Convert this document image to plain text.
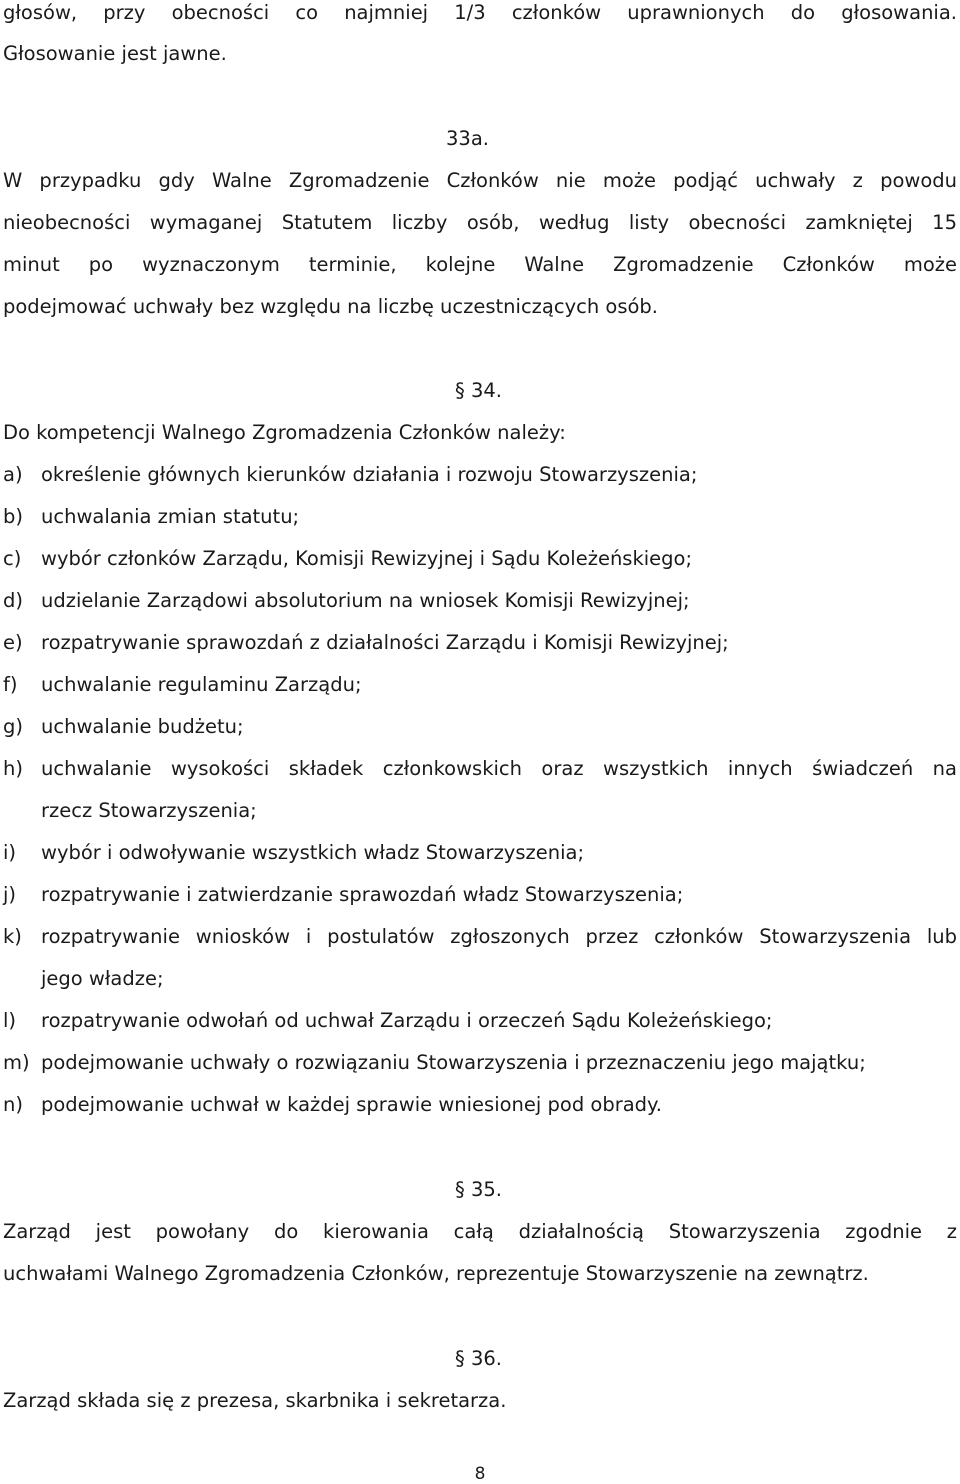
głosów, przy obecności co najmniej 1/3 członków uprawnionych do głosowania.
Głosowanie jest jawne.
33a.
W przypadku gdy Walne Zgromadzenie Członków nie może podjąć uchwały z powodu
nieobecności wymaganej Statutem liczby osób, według listy obecności zamkniętej 15
minut po wyznaczonym terminie, kolejne Walne Zgromadzenie Członków może
podejmować uchwały bez względu na liczbę uczestniczących osób.
§ 34.
Do kompetencji Walnego Zgromadzenia Członków należy:
a) określenie głównych kierunków działania i rozwoju Stowarzyszenia;
b) uchwalania zmian statutu;
c) wybór członków Zarządu, Komisji Rewizyjnej i Sądu Koleżeńskiego;
d) udzielanie Zarządowi absolutorium na wniosek Komisji Rewizyjnej;
e) rozpatrywanie sprawozdań z działalności Zarządu i Komisji Rewizyjnej;
f) uchwalanie regulaminu Zarządu;
g) uchwalanie budżetu;
h) uchwalanie wysokości składek członkowskich oraz wszystkich innych świadczeń na
rzecz Stowarzyszenia;
i) wybór i odwoływanie wszystkich władz Stowarzyszenia;
j) rozpatrywanie i zatwierdzanie sprawozdań władz Stowarzyszenia;
k) rozpatrywanie wniosków i postulatów zgłoszonych przez członków Stowarzyszenia lub
jego władze;
l) rozpatrywanie odwołań od uchwał Zarządu i orzeczeń Sądu Koleżeńskiego;
m) podejmowanie uchwały o rozwiązaniu Stowarzyszenia i przeznaczeniu jego majątku;
n) podejmowanie uchwał w każdej sprawie wniesionej pod obrady.
§ 35.
Zarząd jest powołany do kierowania całą działalnością Stowarzyszenia zgodnie z
uchwałami Walnego Zgromadzenia Członków, reprezentuje Stowarzyszenie na zewnątrz.
§ 36.
Zarząd składa się z prezesa, skarbnika i sekretarza.
8
